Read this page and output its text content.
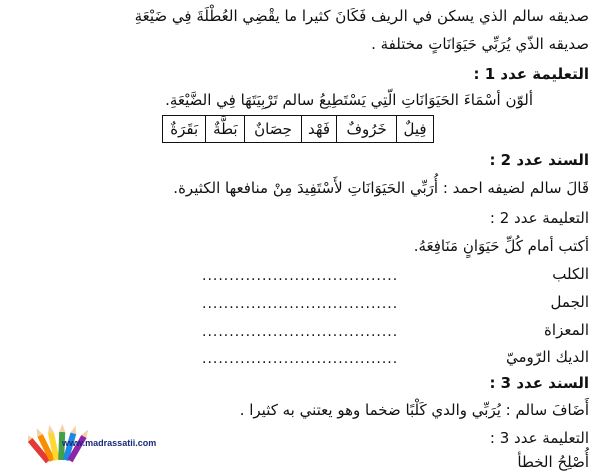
صديقه سالم الذي يسكن في الريف فَكَانَ كثيرا ما يقْضِي العُطْلَةَ فِي ضَيْعَةِ
صديقه الذّي يُرَبِّي حَيَوَانَاتٍ مختلفة .
التعليمة عدد 1 :
ألوّن أسْمَاءَ الحَيَوَانَاتِ الّتِي يَسْتَطِيعُ سالم تَرْبِيَتَهَا فِي الضَّيْعَةِ.
فِيلٌ	خَرُوفٌ	فَهْد	حِصَانٌ	بَطَّةٌ	بَقَرَةٌ
السند عدد 2 :
قَالَ سالم لضيفه احمد : أُرَبِّي الحَيَوَانَاتِ لأَسْتَفِيدَ مِنْ منافعها الكثيرة.
التعليمة عدد 2 :
أكتب أمام كُلِّ حَيَوَانٍ مَنَافِعَهُ.
الكلب
....................................
الجمل
....................................
المعزاة
....................................
الديك الرّوميّ
....................................
السند عدد 3 :
أَضَافَ سالم : يُرَبِّي والدي كَلْبًا ضخما وهو يعتني به كثيرا .
التعليمة عدد 3 :
أُصْلِحُ الخطأ
www.madrassatii.com
